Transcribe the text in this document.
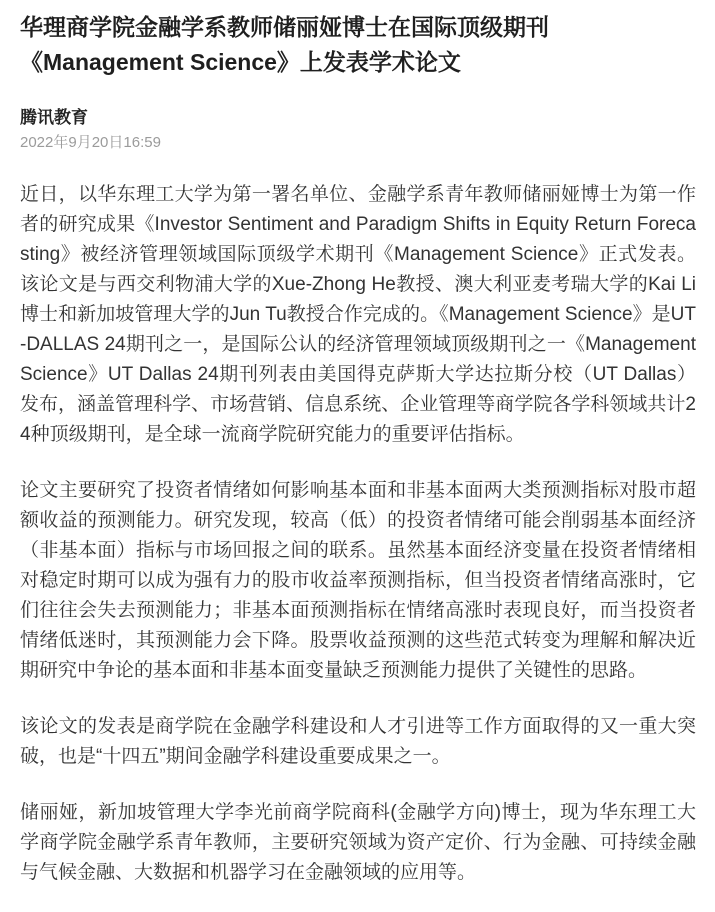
华理商学院金融学系教师储丽娅博士在国际顶级期刊《Management Science》上发表学术论文
腾讯教育
2022年9月20日16:59

近日，以华东理工大学为第一署名单位、金融学系青年教师储丽娅博士为第一作者的研究成果《Investor Sentiment and Paradigm Shifts in Equity Return Forecasting》被经济管理领域国际顶级学术期刊《Management Science》正式发表。该论文是与西交利物浦大学的Xue-Zhong He教授、澳大利亚麦考瑞大学的Kai Li博士和新加坡管理大学的Jun Tu教授合作完成的。《Management Science》是UT-DALLAS 24期刊之一，是国际公认的经济管理领域顶级期刊之一《Management Science》UT Dallas 24期刊列表由美国得克萨斯大学达拉斯分校（UT Dallas）发布，涵盖管理科学、市场营销、信息系统、企业管理等商学院各学科领域共计24种顶级期刊，是全球一流商学院研究能力的重要评估指标。

论文主要研究了投资者情绪如何影响基本面和非基本面两大类预测指标对股市超额收益的预测能力。研究发现，较高（低）的投资者情绪可能会削弱基本面经济（非基本面）指标与市场回报之间的联系。虽然基本面经济变量在投资者情绪相对稳定时期可以成为强有力的股市收益率预测指标，但当投资者情绪高涨时，它们往往会失去预测能力；非基本面预测指标在情绪高涨时表现良好，而当投资者情绪低迷时，其预测能力会下降。股票收益预测的这些范式转变为理解和解决近期研究中争论的基本面和非基本面变量缺乏预测能力提供了关键性的思路。

该论文的发表是商学院在金融学科建设和人才引进等工作方面取得的又一重大突破，也是“十四五”期间金融学科建设重要成果之一。

储丽娅，新加坡管理大学李光前商学院商科(金融学方向)博士，现为华东理工大学商学院金融学系青年教师，主要研究领域为资产定价、行为金融、可持续金融与气候金融、大数据和机器学习在金融领域的应用等。
